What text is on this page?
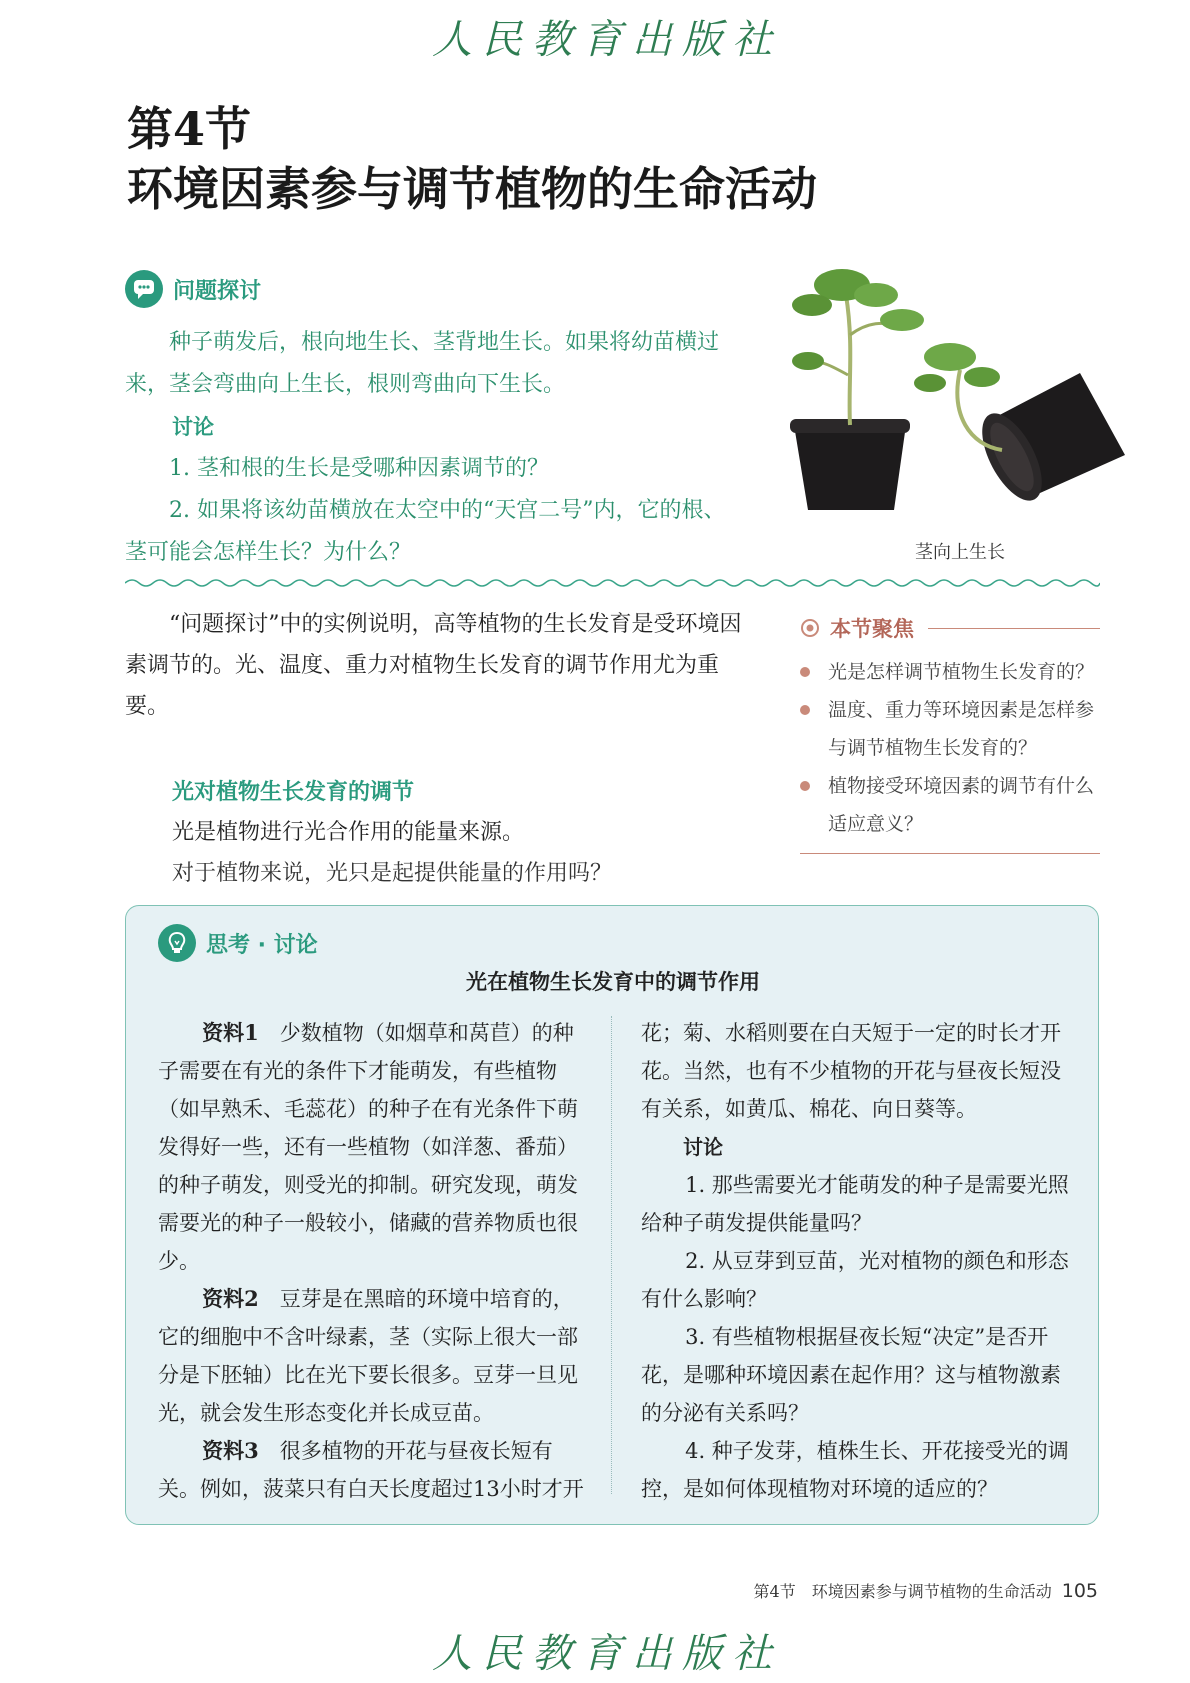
人民教育出版社
第4节
环境因素参与调节植物的生命活动
问题探讨
种子萌发后，根向地生长、茎背地生长。如果将幼苗横过来，茎会弯曲向上生长，根则弯曲向下生长。
讨论
1. 茎和根的生长是受哪种因素调节的？
2. 如果将该幼苗横放在太空中的“天宫二号”内，它的根、茎可能会怎样生长？为什么？	茎向上生长
“问题探讨”中的实例说明，高等植物的生长发育是受环境因素调节的。光、温度、重力对植物生长发育的调节作用尤为重要。
本节聚焦
光是怎样调节植物生长发育的？
温度、重力等环境因素是怎样参与调节植物生长发育的？
植物接受环境因素的调节有什么适应意义？
光对植物生长发育的调节
光是植物进行光合作用的能量来源。
对于植物来说，光只是起提供能量的作用吗？
思考 · 讨论
光在植物生长发育中的调节作用

资料1　 少数植物（如烟草和莴苣）的种子需要在有光的条件下才能萌发，有些植物（如早熟禾、毛蕊花）的种子在有光条件下萌发得好一些，还有一些植物（如洋葱、番茄）的种子萌发，则受光的抑制。研究发现，萌发需要光的种子一般较小，储藏的营养物质也很少。

资料2　 豆芽是在黑暗的环境中培育的，它的细胞中不含叶绿素，茎（实际上很大一部分是下胚轴）比在光下要长很多。豆芽一旦见光，就会发生形态变化并长成豆苗。

资料3　 很多植物的开花与昼夜长短有关。例如，菠菜只有白天长度超过13小时才开

花；菊、水稻则要在白天短于一定的时长才开花。当然，也有不少植物的开花与昼夜长短没有关系，如黄瓜、棉花、向日葵等。

讨论

1. 那些需要光才能萌发的种子是需要光照给种子萌发提供能量吗？

2. 从豆芽到豆苗，光对植物的颜色和形态有什么影响？

3. 有些植物根据昼夜长短“决定”是否开花，是哪种环境因素在起作用？这与植物激素的分泌有关系吗？

4. 种子发芽，植株生长、开花接受光的调控，是如何体现植物对环境的适应的？

第4节　环境因素参与调节植物的生命活动 105
人民教育出版社
